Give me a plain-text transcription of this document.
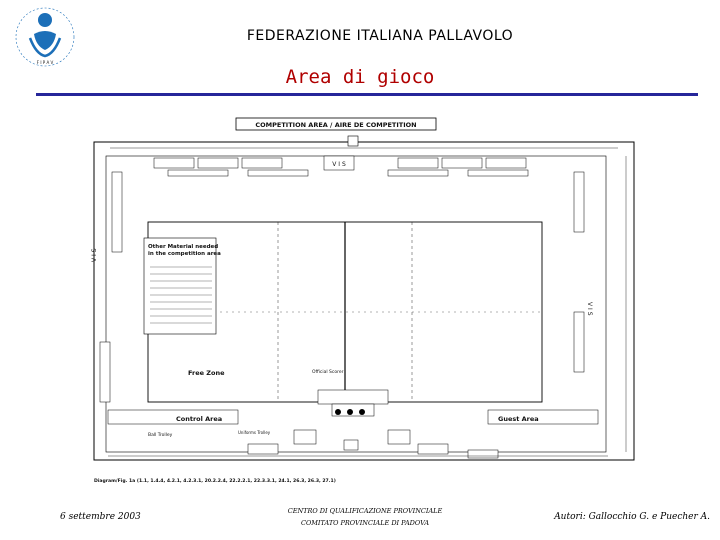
F I P A V
FEDERAZIONE ITALIANA PALLAVOLO
Area di gioco
COMPETITION AREA / AIRE DE COMPETITION
V I S
Other Material needed in the competition area
V I S
V I S
Free Zone	Official Scorer
Control Area	Guest Area
Ball Trolley
Uniforms Trolley
Diagram/Fig. 1a (1.1, 1.4.4, 4.2.1, 4.2.3.1, 20.2.2.4, 22.2.2.1, 22.3.3.1, 24.1, 26.3, 26.3, 27.1)
6 settembre 2003
CENTRO DI QUALIFICAZIONE PROVINCIALE
COMITATO PROVINCIALE DI PADOVA
Autori: Gallocchio G. e Puecher A.
